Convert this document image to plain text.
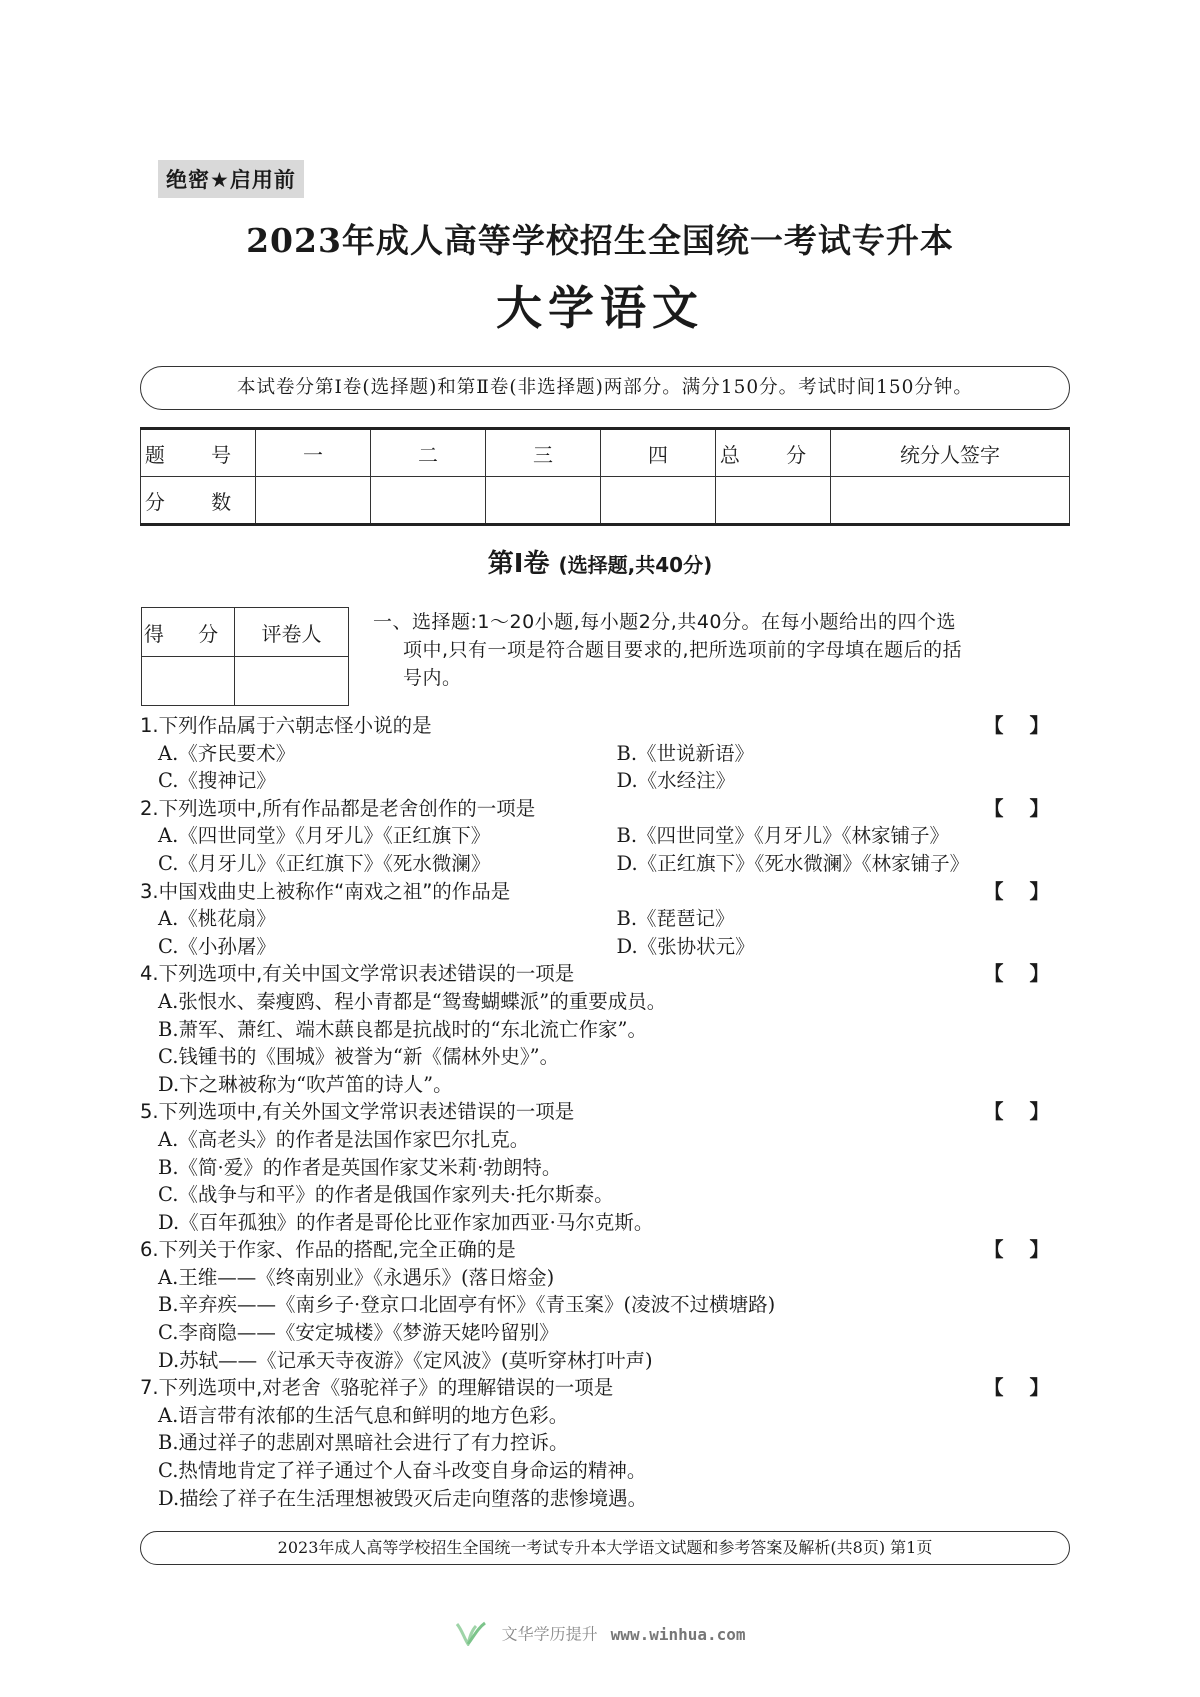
绝密★启用前
2023年成人高等学校招生全国统一考试专升本
大学语文
本试卷分第Ⅰ卷(选择题)和第Ⅱ卷(非选择题)两部分。满分150分。考试时间150分钟。
题 号	一	二	三	四	总 分	统分人签字
分 数						
第Ⅰ卷 (选择题,共40分)
得 分	评卷人
		一、选择题:1～20小题,每小题2分,共40分。在每小题给出的四个选
项中,只有一项是符合题目要求的,把所选项前的字母填在题后的括
号内。
1.下列作品属于六朝志怪小说的是	【】
A.《齐民要术》	B.《世说新语》
C.《搜神记》	D.《水经注》
2.下列选项中,所有作品都是老舍创作的一项是	【】
A.《四世同堂》《月牙儿》《正红旗下》	B.《四世同堂》《月牙儿》《林家铺子》
C.《月牙儿》《正红旗下》《死水微澜》	D.《正红旗下》《死水微澜》《林家铺子》
3.中国戏曲史上被称作“南戏之祖”的作品是	【】
A.《桃花扇》	B.《琵琶记》
C.《小孙屠》	D.《张协状元》
4.下列选项中,有关中国文学常识表述错误的一项是	【】
A.张恨水、秦瘦鸥、程小青都是“鸳鸯蝴蝶派”的重要成员。
B.萧军、萧红、端木蕻良都是抗战时的“东北流亡作家”。
C.钱锺书的《围城》被誉为“新《儒林外史》”。
D.卞之琳被称为“吹芦笛的诗人”。
5.下列选项中,有关外国文学常识表述错误的一项是	【】
A.《高老头》的作者是法国作家巴尔扎克。
B.《简·爱》的作者是英国作家艾米莉·勃朗特。
C.《战争与和平》的作者是俄国作家列夫·托尔斯泰。
D.《百年孤独》的作者是哥伦比亚作家加西亚·马尔克斯。
6.下列关于作家、作品的搭配,完全正确的是	【】
A.王维——《终南别业》《永遇乐》(落日熔金)
B.辛弃疾——《南乡子·登京口北固亭有怀》《青玉案》(凌波不过横塘路)
C.李商隐——《安定城楼》《梦游天姥吟留别》
D.苏轼——《记承天寺夜游》《定风波》(莫听穿林打叶声)
7.下列选项中,对老舍《骆驼祥子》的理解错误的一项是	【】
A.语言带有浓郁的生活气息和鲜明的地方色彩。
B.通过祥子的悲剧对黑暗社会进行了有力控诉。
C.热情地肯定了祥子通过个人奋斗改变自身命运的精神。
D.描绘了祥子在生活理想被毁灭后走向堕落的悲惨境遇。
2023年成人高等学校招生全国统一考试专升本大学语文试题和参考答案及解析(共8页) 第1页
文华学历提升 www.winhua.com
